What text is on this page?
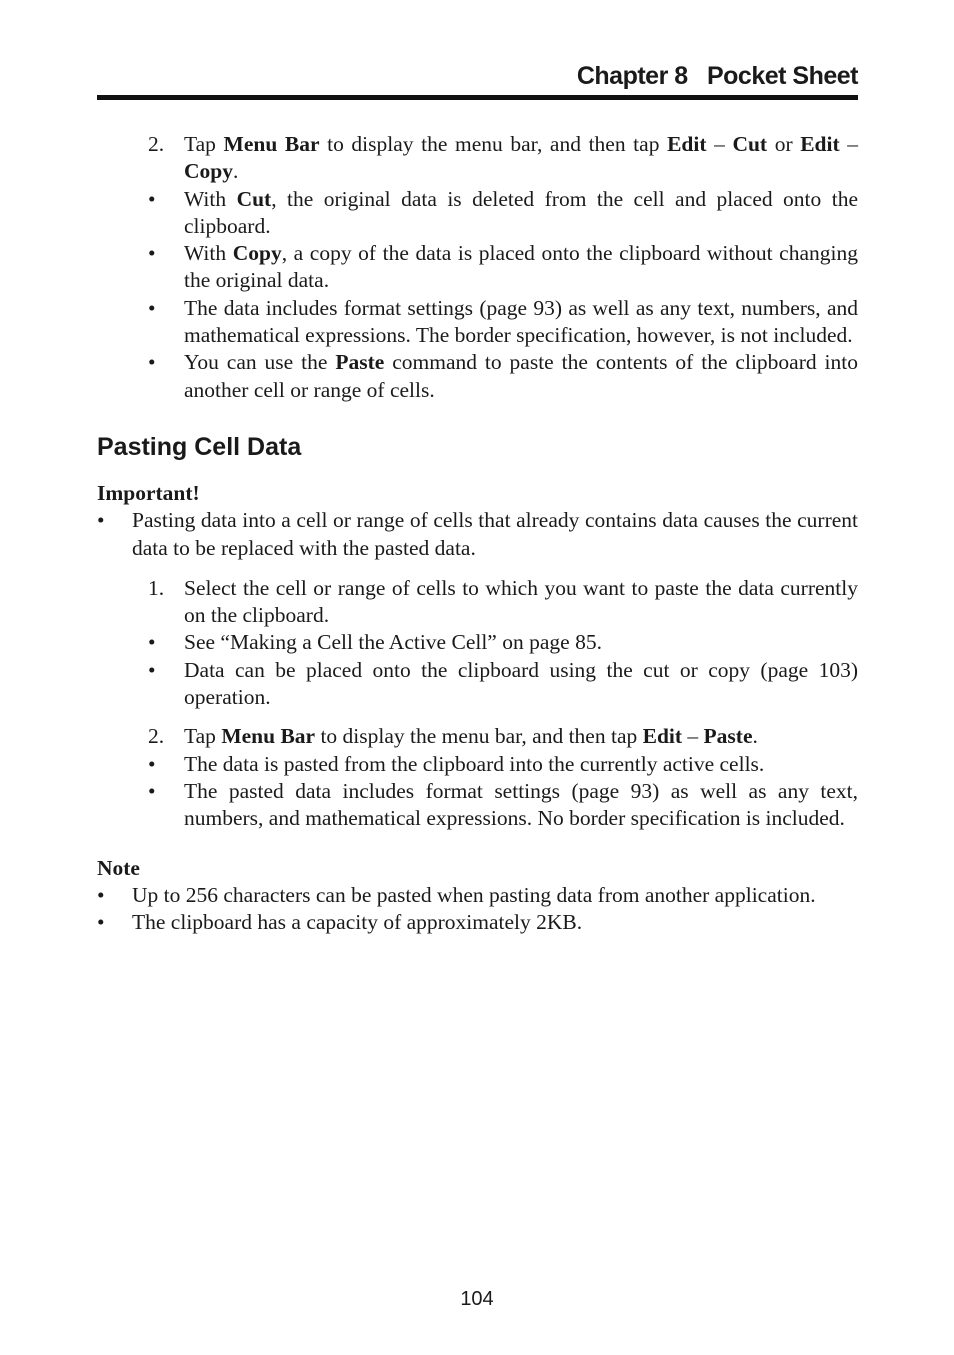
Chapter 8   Pocket Sheet
2. Tap Menu Bar to display the menu bar, and then tap Edit – Cut or Edit – Copy.
• With Cut, the original data is deleted from the cell and placed onto the clipboard.
• With Copy, a copy of the data is placed onto the clipboard without changing the original data.
• The data includes format settings (page 93) as well as any text, numbers, and mathematical expressions. The border specification, however, is not included.
• You can use the Paste command to paste the contents of the clipboard into another cell or range of cells.
Pasting Cell Data
Important!
• Pasting data into a cell or range of cells that already contains data causes the current data to be replaced with the pasted data.
1. Select the cell or range of cells to which you want to paste the data currently on the clipboard.
• See “Making a Cell the Active Cell” on page 85.
• Data can be placed onto the clipboard using the cut or copy (page 103) operation.
2. Tap Menu Bar to display the menu bar, and then tap Edit – Paste.
• The data is pasted from the clipboard into the currently active cells.
• The pasted data includes format settings (page 93) as well as any text, numbers, and mathematical expressions. No border specification is included.
Note
• Up to 256 characters can be pasted when pasting data from another application.
• The clipboard has a capacity of approximately 2KB.
104
